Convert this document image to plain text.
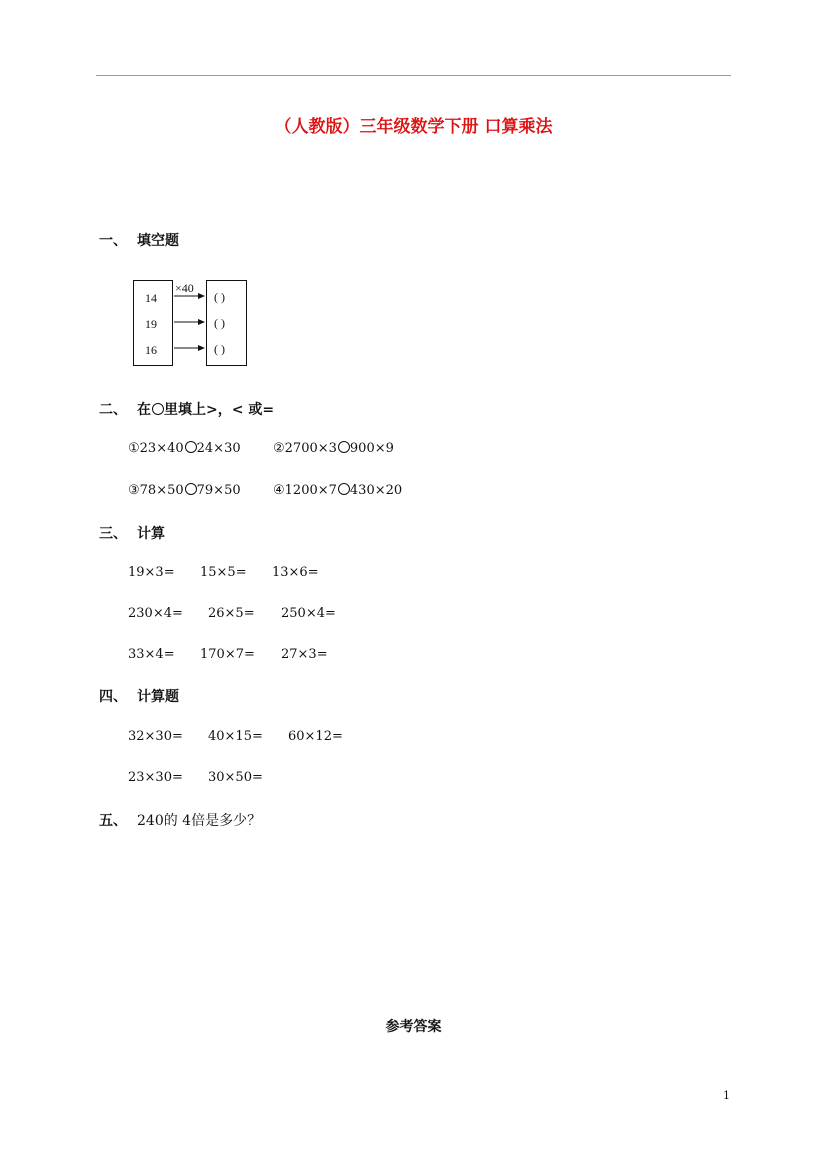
（人教版）三年级数学下册 口算乘法
一、 填空题
14
19
16
×40
( )
( )
( )
二、 在 里填上>，< 或=
①23×40 24×30 ②2700×3 900×9
③78×50 79×50 ④1200×7 430×20
三、 计算
19×3= 15×5= 13×6=
230×4= 26×5= 250×4=
33×4= 170×7= 27×3=
四、 计算题
32×30= 40×15= 60×12=
23×30= 30×50=
五、 240的 4倍是多少？
参考答案
1
